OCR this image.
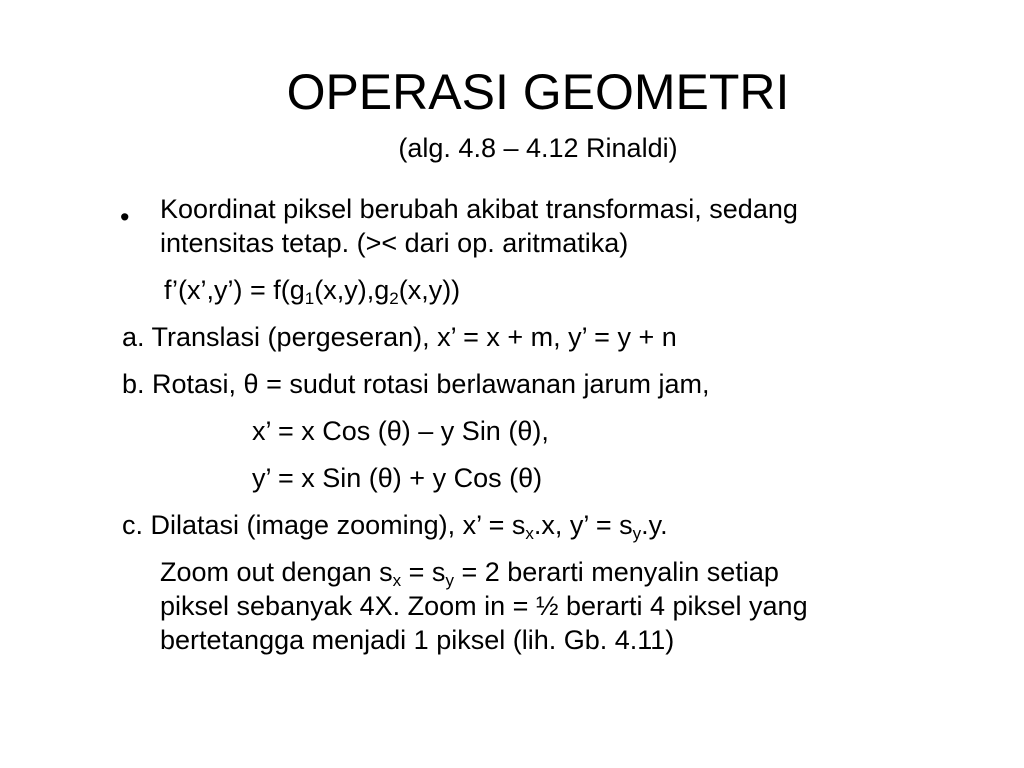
OPERASI GEOMETRI
(alg. 4.8 – 4.12 Rinaldi)
•	Koordinat piksel berubah akibat transformasi, sedang
intensitas tetap. (>< dari op. aritmatika)
f’(x’,y’) = $f(g_1(x,y),g_2(x,y))$
a. Translasi (pergeseran), x’ = x + m, y’ = y + n
b. Rotasi, θ = sudut rotasi berlawanan jarum jam,
x’ = x Cos (θ) – y Sin (θ),
y’ = x Sin (θ) + y Cos (θ)
c. Dilatasi (image zooming), x’ = $s_x.x$, y’ = $s_y.y$.
Zoom out dengan $s_x = s_y = 2$ berarti menyalin setiap
piksel sebanyak 4X. Zoom in = ½ berarti 4 piksel yang
bertetangga menjadi 1 piksel (lih. Gb. 4.11)
